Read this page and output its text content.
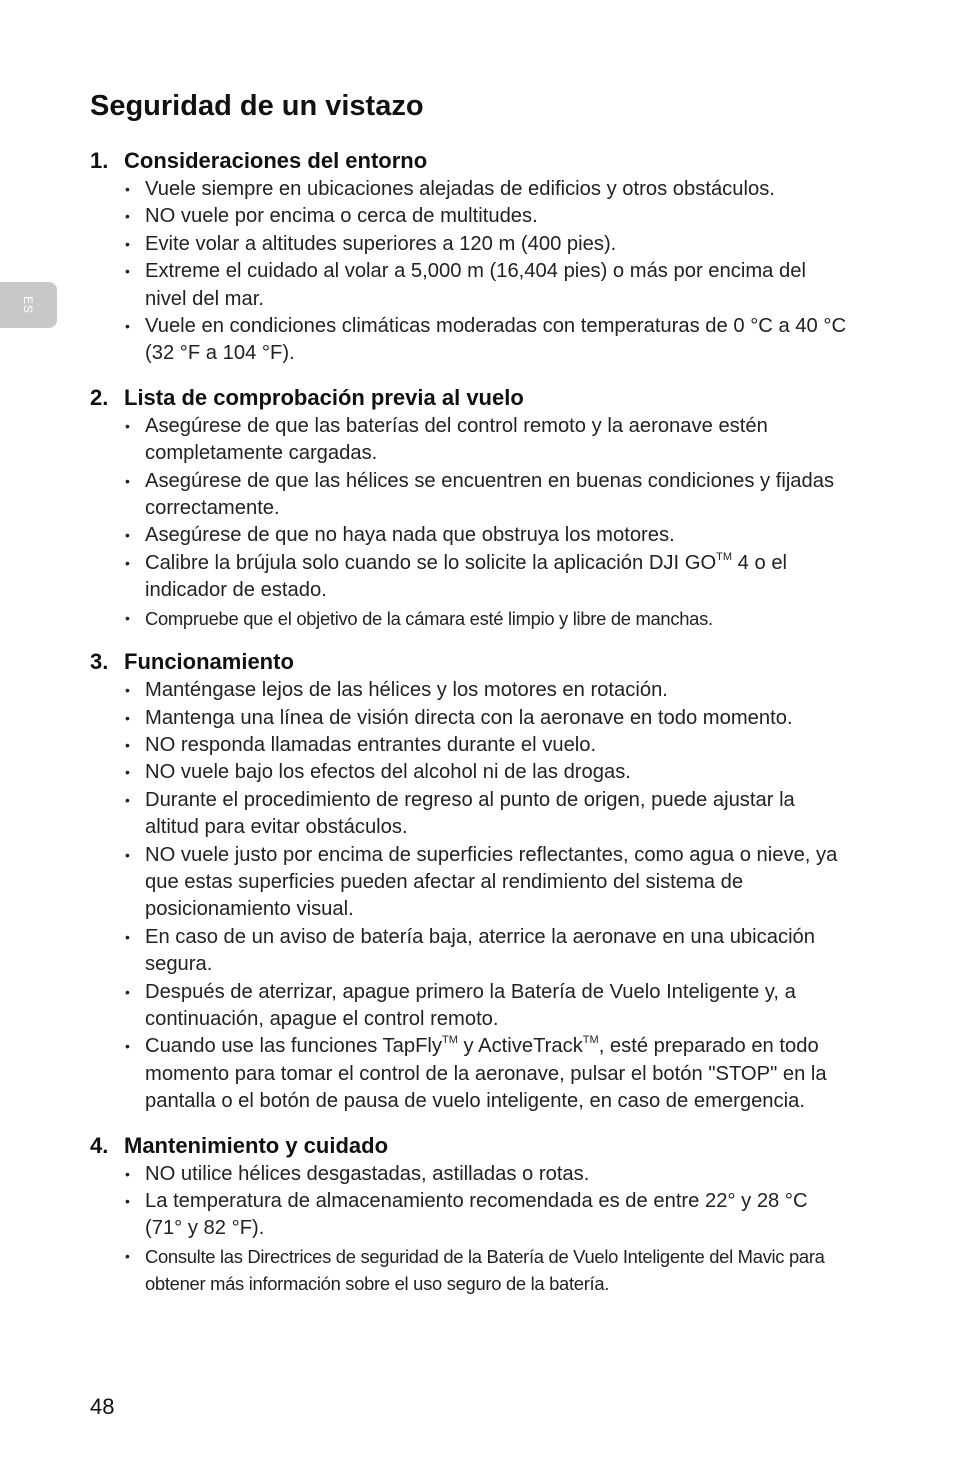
ES
Seguridad de un vistazo
1. Consideraciones del entorno
• Vuele siempre en ubicaciones alejadas de edificios y otros obstáculos.
• NO vuele por encima o cerca de multitudes.
• Evite volar a altitudes superiores a 120 m (400 pies).
• Extreme el cuidado al volar a 5,000 m (16,404 pies) o más por encima del nivel del mar.
• Vuele en condiciones climáticas moderadas con temperaturas de 0 °C a 40 °C (32 °F a 104 °F).
2. Lista de comprobación previa al vuelo
• Asegúrese de que las baterías del control remoto y la aeronave estén completamente cargadas.
• Asegúrese de que las hélices se encuentren en buenas condiciones y fijadas correctamente.
• Asegúrese de que no haya nada que obstruya los motores.
• Calibre la brújula solo cuando se lo solicite la aplicación DJI GO™ 4 o el indicador de estado.
• Compruebe que el objetivo de la cámara esté limpio y libre de manchas.
3. Funcionamiento
• Manténgase lejos de las hélices y los motores en rotación.
• Mantenga una línea de visión directa con la aeronave en todo momento.
• NO responda llamadas entrantes durante el vuelo.
• NO vuele bajo los efectos del alcohol ni de las drogas.
• Durante el procedimiento de regreso al punto de origen, puede ajustar la altitud para evitar obstáculos.
• NO vuele justo por encima de superficies reflectantes, como agua o nieve, ya que estas superficies pueden afectar al rendimiento del sistema de posicionamiento visual.
• En caso de un aviso de batería baja, aterrice la aeronave en una ubicación segura.
• Después de aterrizar, apague primero la Batería de Vuelo Inteligente y, a continuación, apague el control remoto.
• Cuando use las funciones TapFly™ y ActiveTrack™, esté preparado en todo momento para tomar el control de la aeronave, pulsar el botón "STOP" en la pantalla o el botón de pausa de vuelo inteligente, en caso de emergencia.
4. Mantenimiento y cuidado
• NO utilice hélices desgastadas, astilladas o rotas.
• La temperatura de almacenamiento recomendada es de entre 22° y 28 °C (71° y 82 °F).
• Consulte las Directrices de seguridad de la Batería de Vuelo Inteligente del Mavic para obtener más información sobre el uso seguro de la batería.
48
